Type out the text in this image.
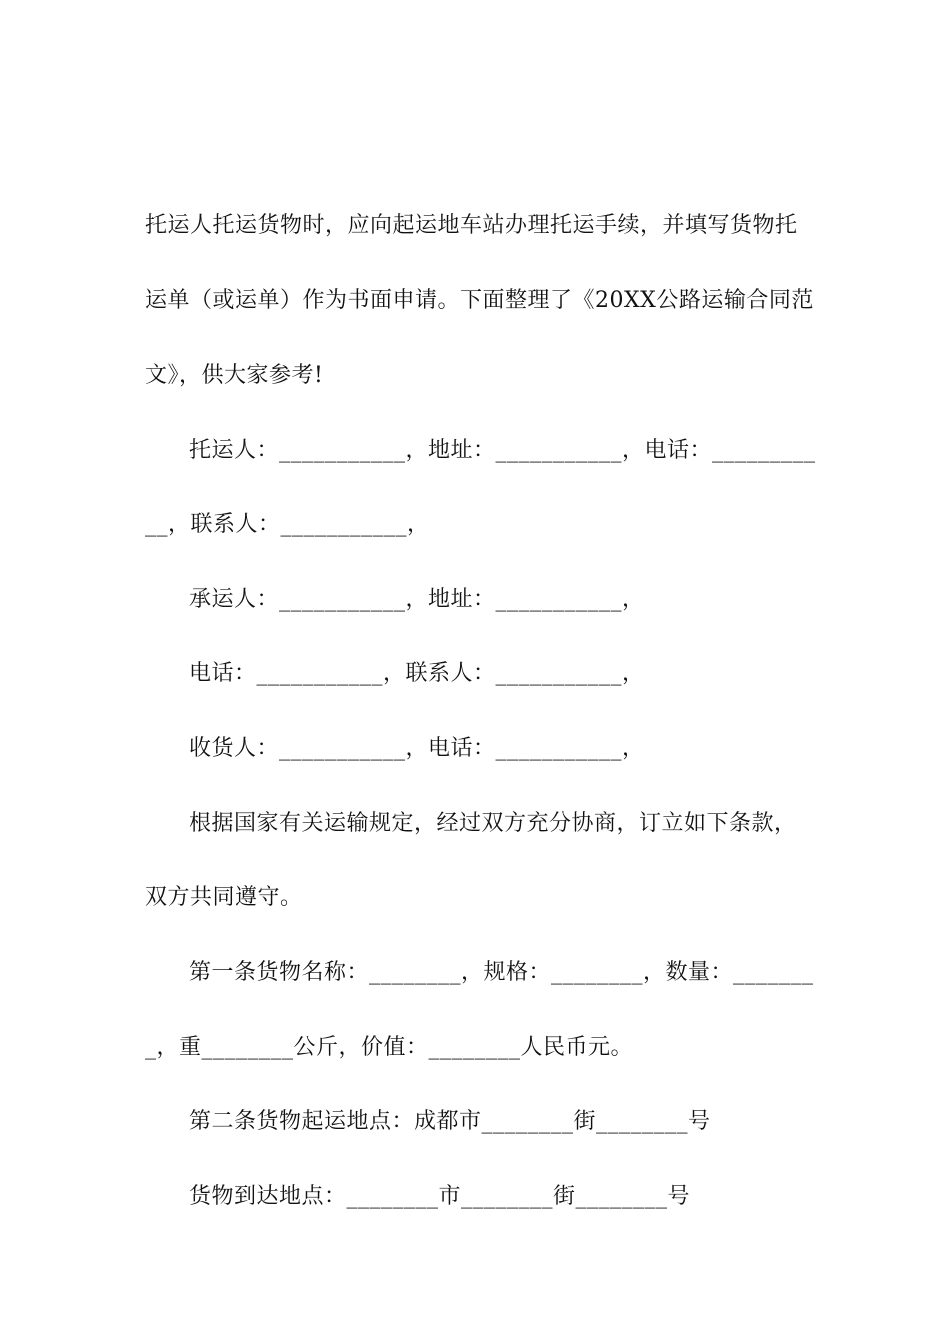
托运人托运货物时，应向起运地车站办理托运手续，并填写货物托
运单（或运单）作为书面申请。下面整理了《20XX公路运输合同范
文》，供大家参考!
托运人：___________，地址：___________，电话：_________
__，联系人：___________，
承运人：___________，地址：___________，
电话：___________，联系人：___________，
收货人：___________，电话：___________，
根据国家有关运输规定，经过双方充分协商，订立如下条款，
双方共同遵守。
第一条货物名称：________，规格：________，数量：_______
_，重________公斤，价值：________人民币元。
第二条货物起运地点：成都市________街________号
货物到达地点：________市________街________号
